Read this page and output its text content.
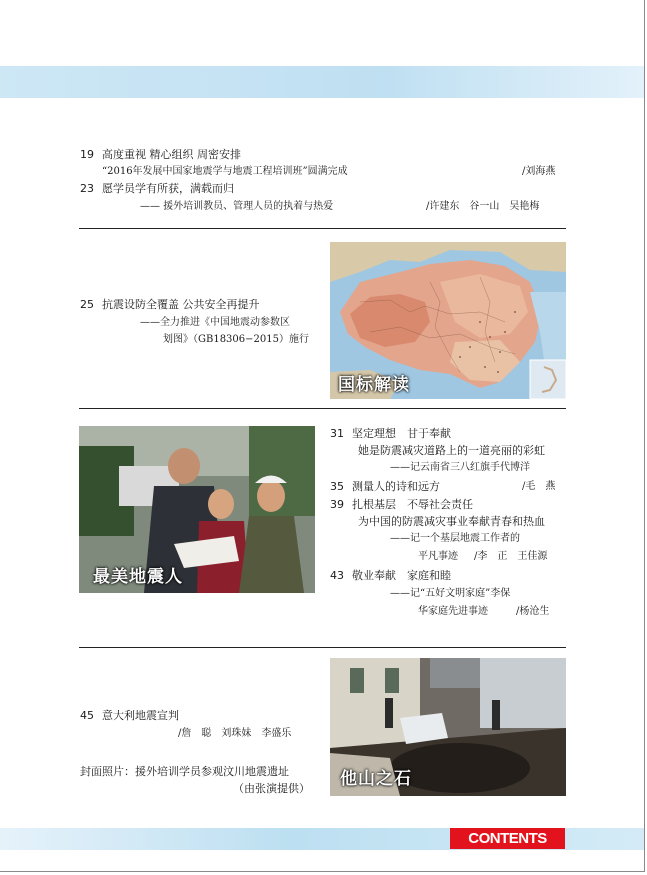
19 高度重视 精心组织 周密安排
“2016年发展中国家地震学与地震工程培训班”圆满完成	/刘海燕
23 愿学员学有所获，满载而归
—— 援外培训教员、管理人员的执着与热爱	/许建东　谷一山　吴艳梅
25 抗震设防全覆盖 公共安全再提升
——全力推进《中国地震动参数区
划图》（GB18306−2015）施行
国标解读
最美地震人
31 坚定理想　甘于奉献
她是防震减灾道路上的一道亮丽的彩虹
——记云南省三八红旗手代博洋
35 测量人的诗和远方	/毛　燕
39 扎根基层　不辱社会责任
为中国的防震减灾事业奉献青春和热血
——记一个基层地震工作者的
平凡事迹 /李　正　王佳源
43 敬业奉献　家庭和睦
——记“五好文明家庭”李保
华家庭先进事迹	/杨沧生
45 意大利地震宣判
/詹　聪　刘珠妹　李盛乐
封面照片：援外培训学员参观汶川地震遗址
（由张演提供） 他山之石
CONTENTS
